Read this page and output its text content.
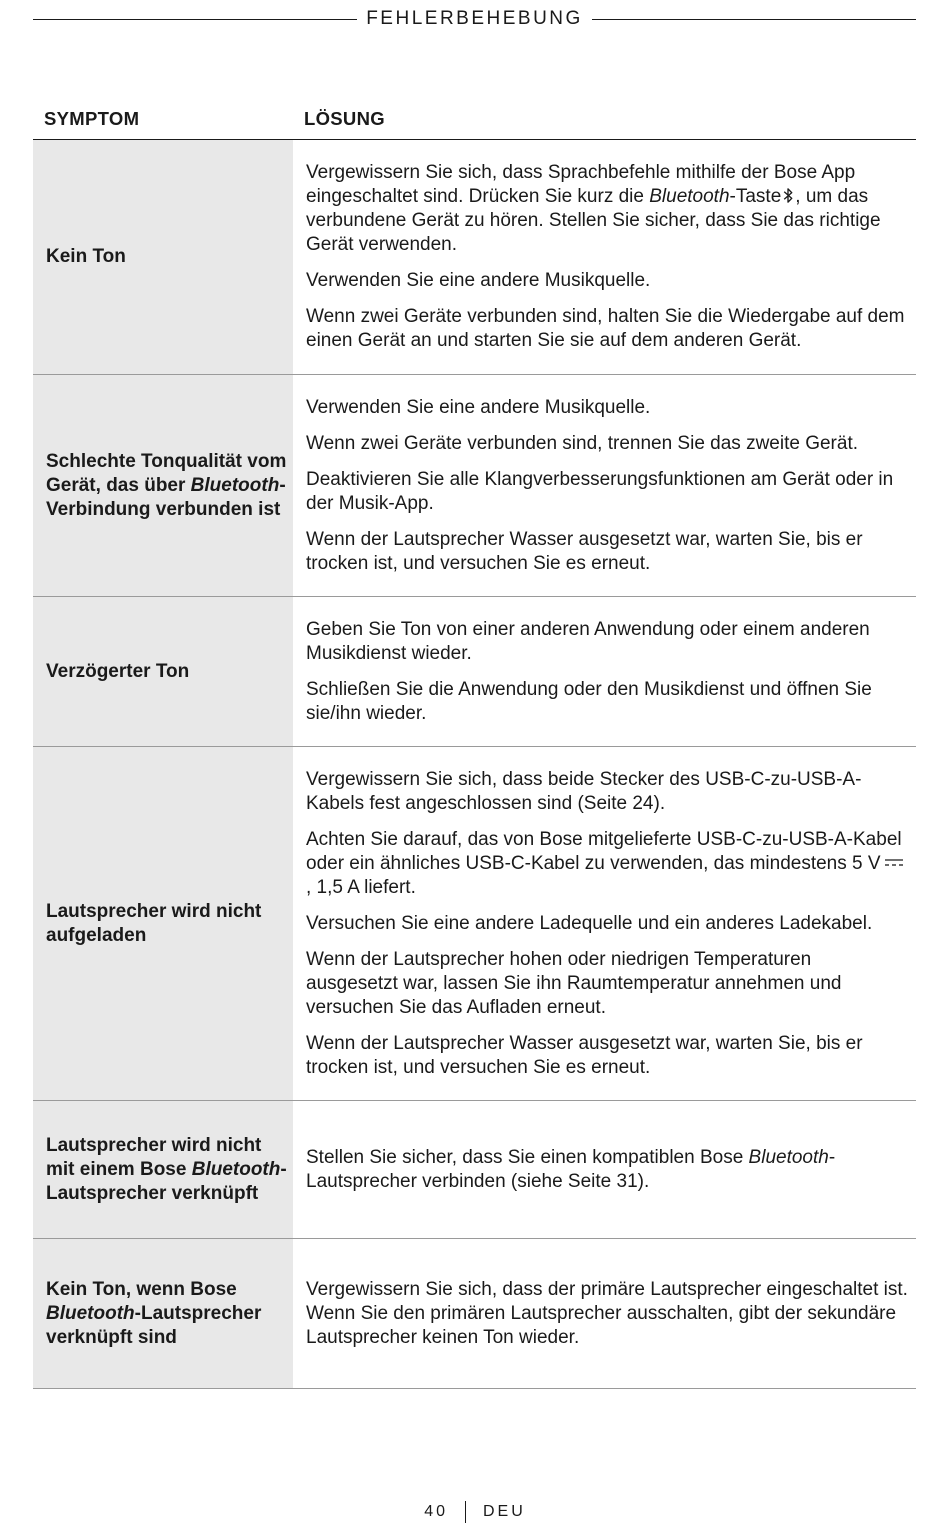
FEHLERBEHEBUNG
SYMPTOM	LÖSUNG
Kein Ton

Vergewissern Sie sich, dass Sprachbefehle mithilfe der Bose App eingeschaltet sind. Drücken Sie kurz die Bluetooth-Taste , um das verbundene Gerät zu hören. Stellen Sie sicher, dass Sie das richtige Gerät verwenden.

Verwenden Sie eine andere Musikquelle.

Wenn zwei Geräte verbunden sind, halten Sie die Wiedergabe auf dem einen Gerät an und starten Sie sie auf dem anderen Gerät.

Schlechte Tonqualität vom Gerät, das über Bluetooth-Verbindung verbunden ist

Verwenden Sie eine andere Musikquelle.

Wenn zwei Geräte verbunden sind, trennen Sie das zweite Gerät.

Deaktivieren Sie alle Klangverbesserungsfunktionen am Gerät oder in der Musik-App.

Wenn der Lautsprecher Wasser ausgesetzt war, warten Sie, bis er trocken ist, und versuchen Sie es erneut.

Verzögerter Ton

Geben Sie Ton von einer anderen Anwendung oder einem anderen Musikdienst wieder.

Schließen Sie die Anwendung oder den Musikdienst und öffnen Sie sie/ihn wieder.

Lautsprecher wird nicht aufgeladen

Vergewissern Sie sich, dass beide Stecker des USB-C-zu-USB-A-Kabels fest angeschlossen sind (Seite 24).

Achten Sie darauf, das von Bose mitgelieferte USB-C-zu-USB-A-Kabel oder ein ähnliches USB-C-Kabel zu verwenden, das mindestens 5 V, 1,5 A liefert.

Versuchen Sie eine andere Ladequelle und ein anderes Ladekabel.

Wenn der Lautsprecher hohen oder niedrigen Temperaturen ausgesetzt war, lassen Sie ihn Raumtemperatur annehmen und versuchen Sie das Aufladen erneut.

Wenn der Lautsprecher Wasser ausgesetzt war, warten Sie, bis er trocken ist, und versuchen Sie es erneut.

Lautsprecher wird nicht mit einem Bose Bluetooth-Lautsprecher verknüpft

Stellen Sie sicher, dass Sie einen kompatiblen Bose Bluetooth-Lautsprecher verbinden (siehe Seite 31).

Kein Ton, wenn Bose Bluetooth-Lautsprecher verknüpft sind

Vergewissern Sie sich, dass der primäre Lautsprecher eingeschaltet ist. Wenn Sie den primären Lautsprecher ausschalten, gibt der sekundäre Lautsprecher keinen Ton wieder.

40 DEU
